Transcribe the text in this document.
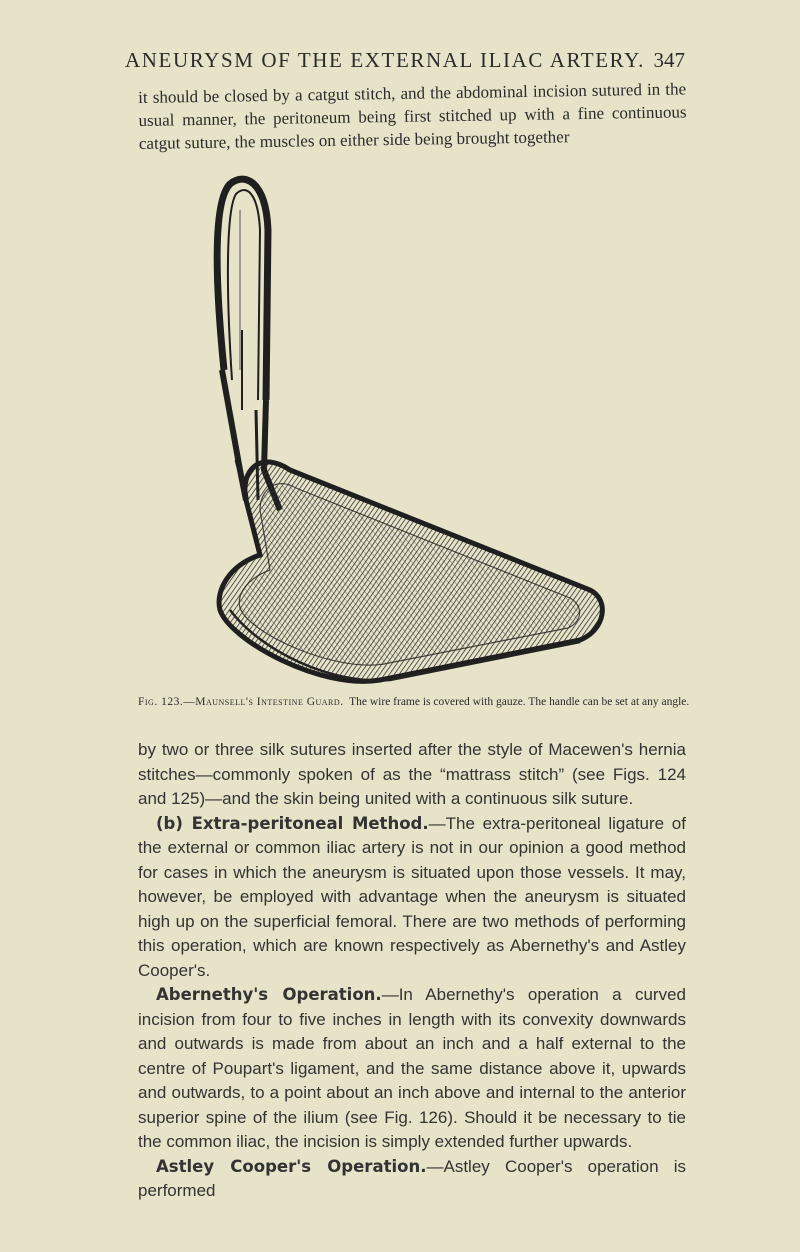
ANEURYSM OF THE EXTERNAL ILIAC ARTERY. 347

it should be closed by a catgut stitch, and the abdominal incision sutured in the usual manner, the peritoneum being first stitched up with a fine continuous catgut suture, the muscles on either side being brought together

Fig. 123.—Maunsell's Intestine Guard. The wire frame is covered with gauze. The handle can be set at any angle.

by two or three silk sutures inserted after the style of Macewen's hernia stitches—commonly spoken of as the “mattrass stitch” (see Figs. 124 and 125)—and the skin being united with a continuous silk suture.

(b) Extra-peritoneal Method.—The extra-peritoneal ligature of the external or common iliac artery is not in our opinion a good method for cases in which the aneurysm is situated upon those vessels. It may, however, be employed with advantage when the aneurysm is situated high up on the superficial femoral. There are two methods of performing this operation, which are known respectively as Abernethy's and Astley Cooper's.

Abernethy's Operation.—In Abernethy's operation a curved incision from four to five inches in length with its convexity downwards and outwards is made from about an inch and a half external to the centre of Poupart's ligament, and the same distance above it, upwards and outwards, to a point about an inch above and internal to the anterior superior spine of the ilium (see Fig. 126). Should it be necessary to tie the common iliac, the incision is simply extended further upwards.

Astley Cooper's Operation.—Astley Cooper's operation is performed
